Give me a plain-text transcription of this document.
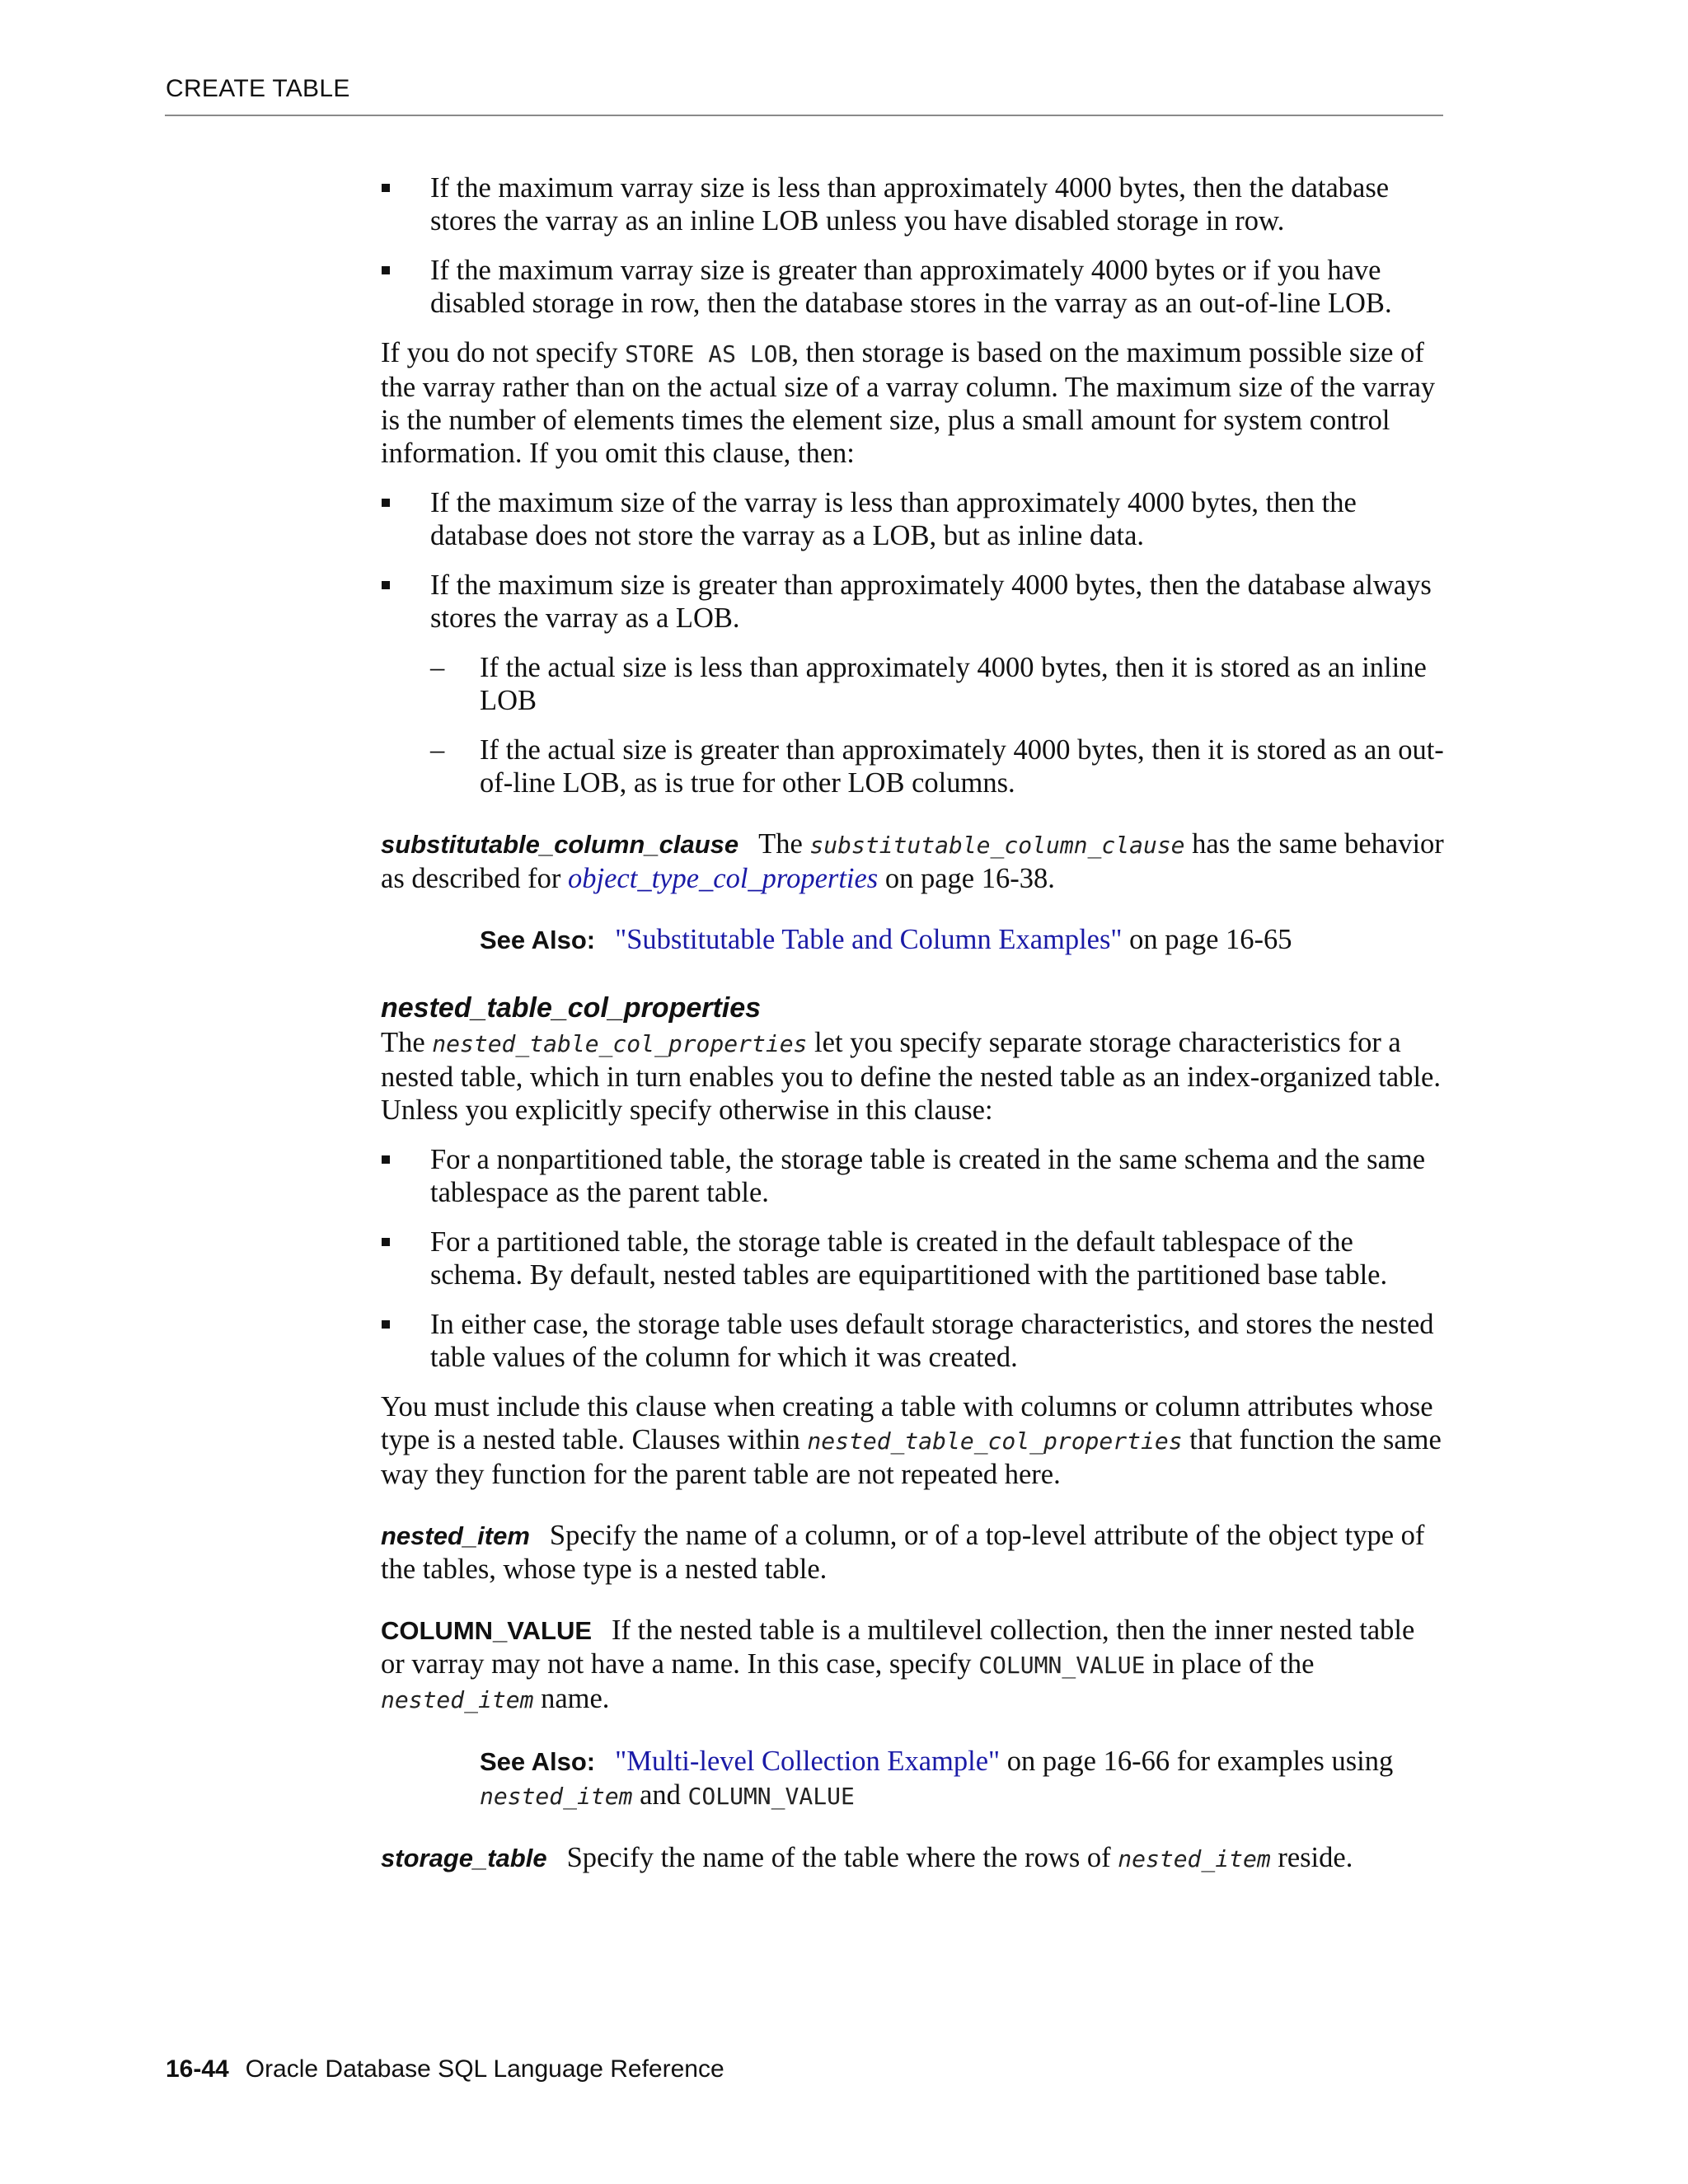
CREATE TABLE
If the maximum varray size is less than approximately 4000 bytes, then the database stores the varray as an inline LOB unless you have disabled storage in row.
If the maximum varray size is greater than approximately 4000 bytes or if you have disabled storage in row, then the database stores in the varray as an out-of-line LOB.

If you do not specify STORE AS LOB, then storage is based on the maximum possible size of the varray rather than on the actual size of a varray column. The maximum size of the varray is the number of elements times the element size, plus a small amount for system control information. If you omit this clause, then:

If the maximum size of the varray is less than approximately 4000 bytes, then the database does not store the varray as a LOB, but as inline data.
If the maximum size is greater than approximately 4000 bytes, then the database always stores the varray as a LOB.
– If the actual size is less than approximately 4000 bytes, then it is stored as an inline LOB
– If the actual size is greater than approximately 4000 bytes, then it is stored as an out-of-line LOB, as is true for other LOB columns.

substitutable_column_clause The substitutable_column_clause has the same behavior as described for object_type_col_properties on page 16-38.

See Also: "Substitutable Table and Column Examples" on page 16-65

nested_table_col_properties

The nested_table_col_properties let you specify separate storage characteristics for a nested table, which in turn enables you to define the nested table as an index-organized table. Unless you explicitly specify otherwise in this clause:

For a nonpartitioned table, the storage table is created in the same schema and the same tablespace as the parent table.
For a partitioned table, the storage table is created in the default tablespace of the schema. By default, nested tables are equipartitioned with the partitioned base table.
In either case, the storage table uses default storage characteristics, and stores the nested table values of the column for which it was created.

You must include this clause when creating a table with columns or column attributes whose type is a nested table. Clauses within nested_table_col_properties that function the same way they function for the parent table are not repeated here.

nested_item Specify the name of a column, or of a top-level attribute of the object type of the tables, whose type is a nested table.

COLUMN_VALUE If the nested table is a multilevel collection, then the inner nested table or varray may not have a name. In this case, specify COLUMN_VALUE in place of the nested_item name.

See Also: "Multi-level Collection Example" on page 16-66 for examples using nested_item and COLUMN_VALUE

storage_table Specify the name of the table where the rows of nested_item reside.

16-44 Oracle Database SQL Language Reference
